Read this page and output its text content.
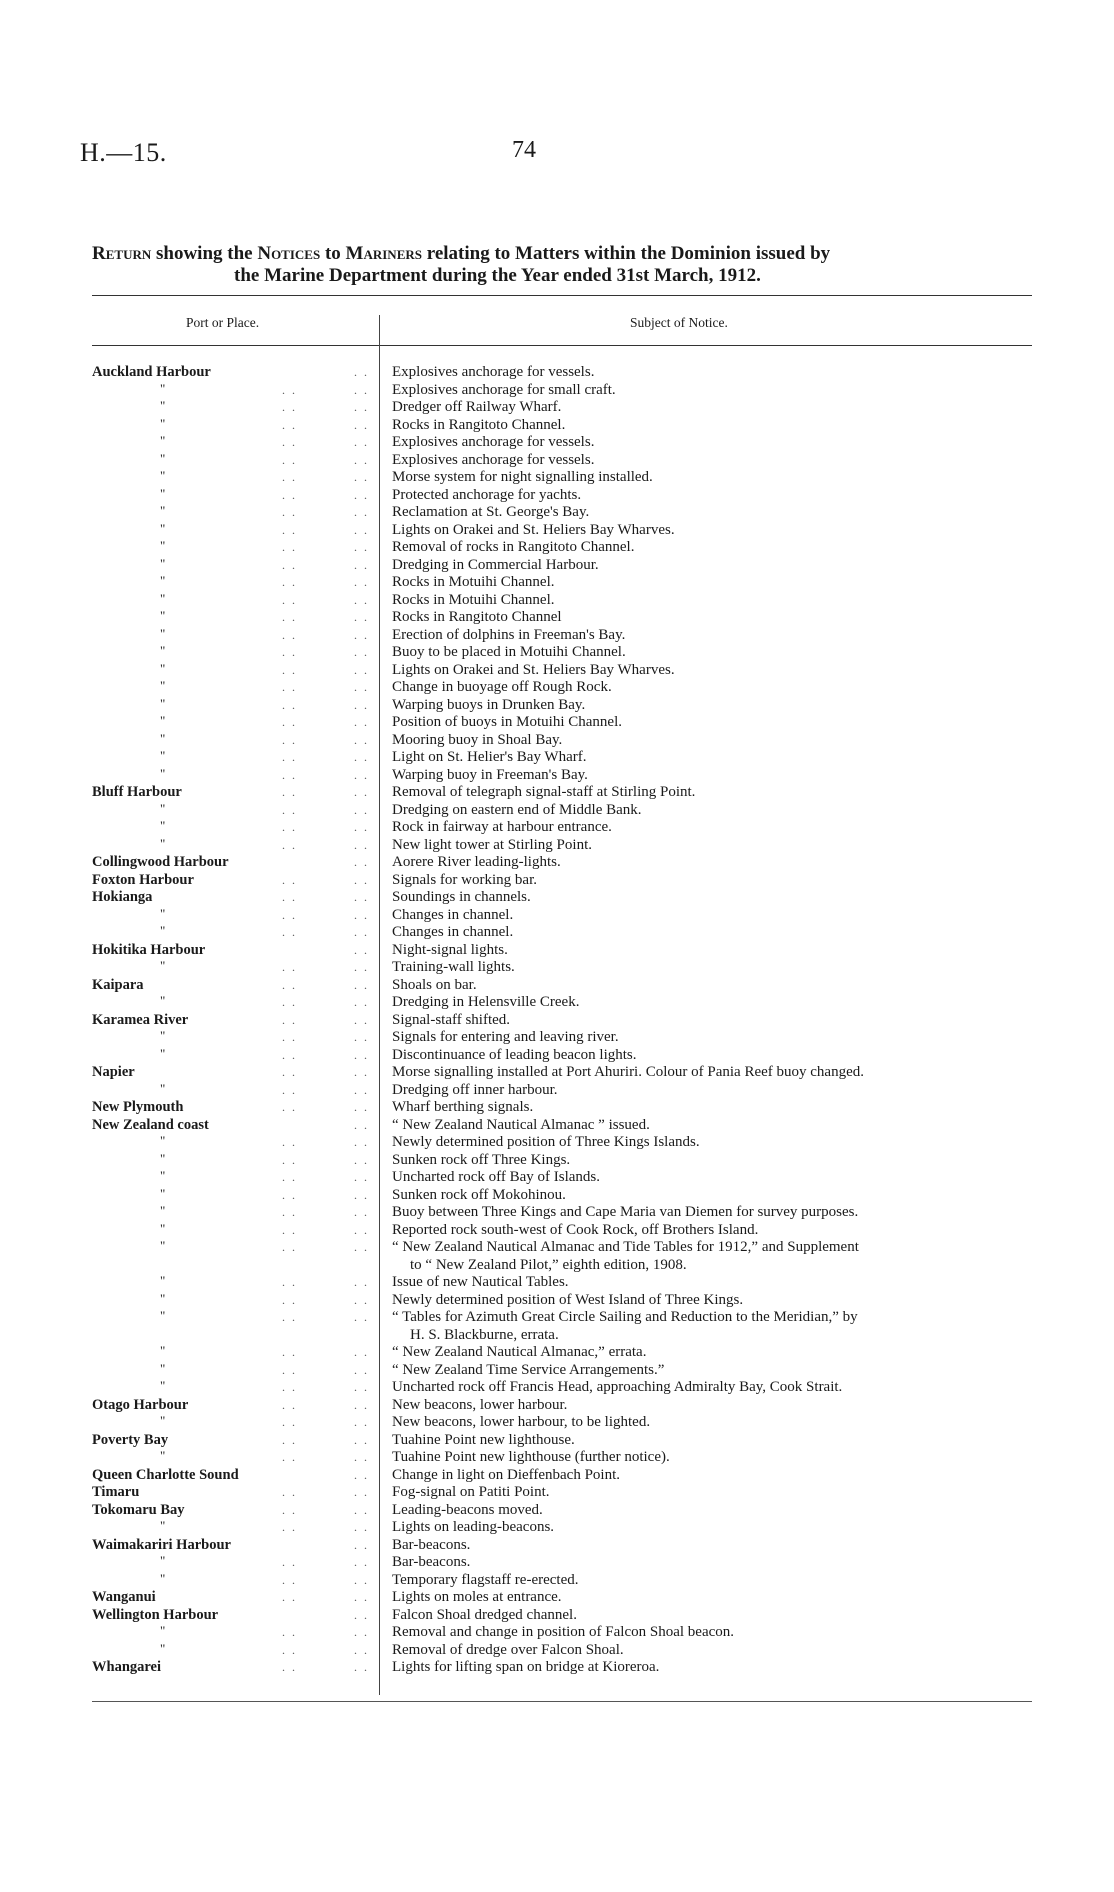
H.—15.	74
Return showing the Notices to Mariners relating to Matters within the Dominion issued by
the Marine Department during the Year ended 31st March, 1912.
Port or Place.	Subject of Notice.
Auckland Harbour	. . Explosives anchorage for vessels.
"	. .	. . Explosives anchorage for small craft.
"	. .	. . Dredger off Railway Wharf.
"	. .	. . Rocks in Rangitoto Channel.
"	. .	. . Explosives anchorage for vessels.
"	. .	. . Explosives anchorage for vessels.
"	. .	. . Morse system for night signalling installed.
"	. .	. . Protected anchorage for yachts.
"	. .	. . Reclamation at St. George's Bay.
"	. .	. . Lights on Orakei and St. Heliers Bay Wharves.
"	. .	. . Removal of rocks in Rangitoto Channel.
"	. .	. . Dredging in Commercial Harbour.
"	. .	. . Rocks in Motuihi Channel.
"	. .	. . Rocks in Motuihi Channel.
"	. .	. . Rocks in Rangitoto Channel
"	. .	. . Erection of dolphins in Freeman's Bay.
"	. .	. . Buoy to be placed in Motuihi Channel.
"	. .	. . Lights on Orakei and St. Heliers Bay Wharves.
"	. .	. . Change in buoyage off Rough Rock.
"	. .	. . Warping buoys in Drunken Bay.
"	. .	. . Position of buoys in Motuihi Channel.
"	. .	. . Mooring buoy in Shoal Bay.
"	. .	. . Light on St. Helier's Bay Wharf.
"	. .	. . Warping buoy in Freeman's Bay.
Bluff Harbour	. .	. . Removal of telegraph signal-staff at Stirling Point.
"	. .	. . Dredging on eastern end of Middle Bank.
"	. .	. . Rock in fairway at harbour entrance.
"	. .	. . New light tower at Stirling Point.
Collingwood Harbour	. . Aorere River leading-lights.
Foxton Harbour	. .	. . Signals for working bar.
Hokianga	. .	. . Soundings in channels.
"	. .	. . Changes in channel.
"	. .	. . Changes in channel.
Hokitika Harbour	. . Night-signal lights.
"	. .	. . Training-wall lights.
Kaipara	. .	. . Shoals on bar.
"	. .	. . Dredging in Helensville Creek.
Karamea River	. .	. . Signal-staff shifted.
"	. .	. . Signals for entering and leaving river.
"	. .	. . Discontinuance of leading beacon lights.
Napier	. .	. . Morse signalling installed at Port Ahuriri. Colour of Pania Reef buoy changed.
"	. .	. . Dredging off inner harbour.
New Plymouth	. .	. . Wharf berthing signals.
New Zealand coast	. . “ New Zealand Nautical Almanac ” issued.
"	. .	. . Newly determined position of Three Kings Islands.
"	. .	. . Sunken rock off Three Kings.
"	. .	. . Uncharted rock off Bay of Islands.
"	. .	. . Sunken rock off Mokohinou.
"	. .	. . Buoy between Three Kings and Cape Maria van Diemen for survey purposes.
"	. .	. . Reported rock south-west of Cook Rock, off Brothers Island.
"	. .	. . “ New Zealand Nautical Almanac and Tide Tables for 1912,” and Supplement
to “ New Zealand Pilot,” eighth edition, 1908.
"	. .	. . Issue of new Nautical Tables.
"	. .	. . Newly determined position of West Island of Three Kings.
"	. .	. . “ Tables for Azimuth Great Circle Sailing and Reduction to the Meridian,” by
H. S. Blackburne, errata.
"	. .	. . “ New Zealand Nautical Almanac,” errata.
"	. .	. . “ New Zealand Time Service Arrangements.”
"	. .	. . Uncharted rock off Francis Head, approaching Admiralty Bay, Cook Strait.
Otago Harbour	. .	. . New beacons, lower harbour.
"	. .	. . New beacons, lower harbour, to be lighted.
Poverty Bay	. .	. . Tuahine Point new lighthouse.
"	. .	. . Tuahine Point new lighthouse (further notice).
Queen Charlotte Sound	. . Change in light on Dieffenbach Point.
Timaru	. .	. . Fog-signal on Patiti Point.
Tokomaru Bay	. .	. . Leading-beacons moved.
"	. .	. . Lights on leading-beacons.
Waimakariri Harbour	. . Bar-beacons.
"	. .	. . Bar-beacons.
"	. .	. . Temporary flagstaff re-erected.
Wanganui	. .	. . Lights on moles at entrance.
Wellington Harbour	. . Falcon Shoal dredged channel.
"	. .	. . Removal and change in position of Falcon Shoal beacon.
"	. .	. . Removal of dredge over Falcon Shoal.
Whangarei	. .	. . Lights for lifting span on bridge at Kioreroa.
